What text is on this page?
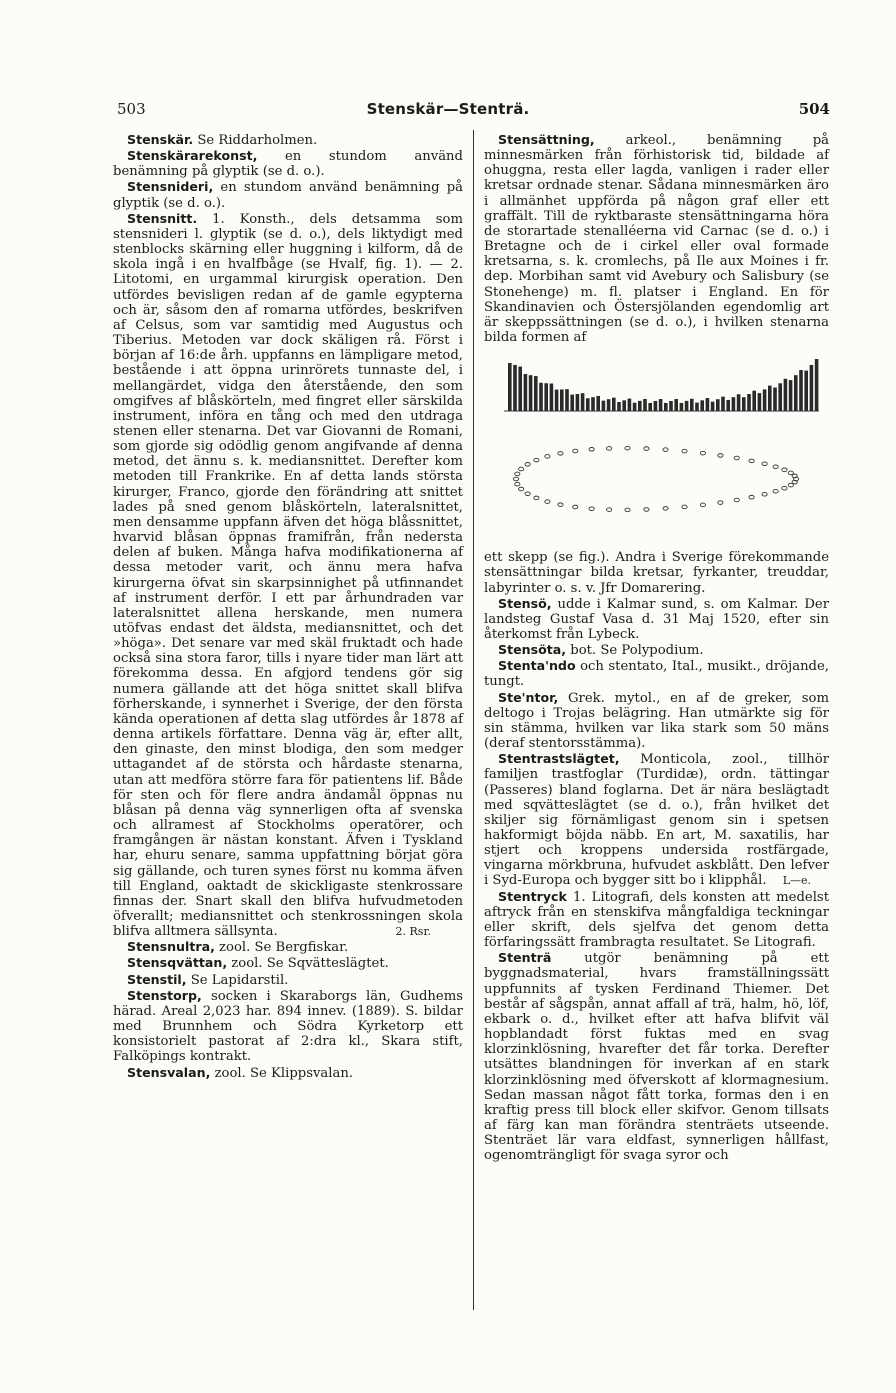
503	Stenskär—Stenträ.	504

Stenskär. Se Riddarholmen.

Stenskärarekonst, en stundom använd benämning på glyptik (se d. o.).

Stensnideri, en stundom använd benämning på glyptik (se d. o.).

Stensnitt. 1. Konsth., dels detsamma som stensnideri l. glyptik (se d. o.), dels liktydigt med stenblocks skärning eller huggning i kilform, då de skola ingå i en hvalfbåge (se Hvalf, fig. 1). — 2. Litotomi, en urgammal kirurgisk operation. Den utfördes bevisligen redan af de gamle egypterna och är, såsom den af romarna utfördes, beskrifven af Celsus, som var samtidig med Augustus och Tiberius. Metoden var dock skäligen rå. Först i början af 16:de årh. uppfanns en lämpligare metod, bestående i att öppna urinrörets tunnaste del, i mellangärdet, vidga den återstående, den som omgifves af blåskörteln, med fingret eller särskilda instrument, införa en tång och med den utdraga stenen eller stenarna. Det var Giovanni de Romani, som gjorde sig odödlig genom angifvande af denna metod, det ännu s. k. mediansnittet. Derefter kom metoden till Frankrike. En af detta lands största kirurger, Franco, gjorde den förändring att snittet lades på sned genom blåskörteln, lateralsnittet, men densamme uppfann äfven det höga blåssnittet, hvarvid blåsan öppnas framifrån, från nedersta delen af buken. Många hafva modifikationerna af dessa metoder varit, och ännu mera hafva kirurgerna öfvat sin skarpsinnighet på utfinnandet af instrument derför. I ett par århundraden var lateralsnittet allena herskande, men numera utöfvas endast det äldsta, mediansnittet, och det »höga». Det senare var med skäl fruktadt och hade också sina stora faror, tills i nyare tider man lärt att förekomma dessa. En afgjord tendens gör sig numera gällande att det höga snittet skall blifva förherskande, i synnerhet i Sverige, der den första kända operationen af detta slag utfördes år 1878 af denna artikels författare. Denna väg är, efter allt, den ginaste, den minst blodiga, den som medger uttagandet af de största och hårdaste stenarna, utan att medföra större fara för patientens lif. Både för sten och för flere andra ändamål öppnas nu blåsan på denna väg synnerligen ofta af svenska och allramest af Stockholms operatörer, och framgången är nästan konstant. Äfven i Tyskland har, ehuru senare, samma uppfattning börjat göra sig gällande, och turen synes först nu komma äfven till England, oaktadt de skickligaste stenkrossare finnas der. Snart skall den blifva hufvudmetoden öfverallt; mediansnittet och stenkrossningen skola blifva alltmera sällsynta.	2. Rsr.

Stensnultra, zool. Se Bergfiskar.

Stensqvättan, zool. Se Sqvätteslägtet.

Stenstil, Se Lapidarstil.

Stenstorp, socken i Skaraborgs län, Gudhems härad. Areal 2,023 har. 894 innev. (1889). S. bildar med Brunnhem och Södra Kyrketorp ett konsistorielt pastorat af 2:dra kl., Skara stift, Falköpings kontrakt.

Stensvalan, zool. Se Klippsvalan.

Stensättning, arkeol., benämning på minnesmärken från förhistorisk tid, bildade af ohuggna, resta eller lagda, vanligen i rader eller kretsar ordnade stenar. Sådana minnesmärken äro i allmänhet uppförda på någon graf eller ett graffält. Till de ryktbaraste stensättningarna höra de storartade stenalléerna vid Carnac (se d. o.) i Bretagne och de i cirkel eller oval formade kretsarna, s. k. cromlechs, på Ile aux Moines i fr. dep. Morbihan samt vid Avebury och Salisbury (se Stonehenge) m. fl. platser i England. En för Skandinavien och Östersjölanden egendomlig art är skeppssättningen (se d. o.), i hvilken stenarna bilda formen af

ett skepp (se fig.). Andra i Sverige förekommande stensättningar bilda kretsar, fyrkanter, treuddar, labyrinter o. s. v. Jfr Domarering.

Stensö, udde i Kalmar sund, s. om Kalmar. Der landsteg Gustaf Vasa d. 31 Maj 1520, efter sin återkomst från Lybeck.

Stensöta, bot. Se Polypodium.

Stenta'ndo och stentato, Ital., musikt., dröjande, tungt.

Ste'ntor, Grek. mytol., en af de greker, som deltogo i Trojas belägring. Han utmärkte sig för sin stämma, hvilken var lika stark som 50 mäns (deraf stentorsstämma).

Stentrastslägtet, Monticola, zool., tillhör familjen trastfoglar (Turdidæ), ordn. tättingar (Passeres) bland foglarna. Det är nära beslägtadt med sqvätteslägtet (se d. o.), från hvilket det skiljer sig förnämligast genom sin i spetsen hakformigt böjda näbb. En art, M. saxatilis, har stjert och kroppens undersida rostfärgade, vingarna mörkbruna, hufvudet askblått. Den lefver i Syd-Europa och bygger sitt bo i klipphål.	L—e.

Stentryck 1. Litografi, dels konsten att medelst aftryck från en stenskifva mångfaldiga teckningar eller skrift, dels sjelfva det genom detta förfaringssätt frambragta resultatet. Se Litografi.

Stenträ utgör benämning på ett byggnadsmaterial, hvars framställningssätt uppfunnits af tysken Ferdinand Thiemer. Det består af sågspån, annat affall af trä, halm, hö, löf, ekbark o. d., hvilket efter att hafva blifvit väl hopblandadt först fuktas med en svag klorzinklösning, hvarefter det får torka. Derefter utsättes blandningen för inverkan af en stark klorzinklösning med öfverskott af klormagnesium. Sedan massan något fått torka, formas den i en kraftig press till block eller skifvor. Genom tillsats af färg kan man förändra stenträets utseende. Stenträet lär vara eldfast, synnerligen hållfast, ogenomträngligt för svaga syror och
